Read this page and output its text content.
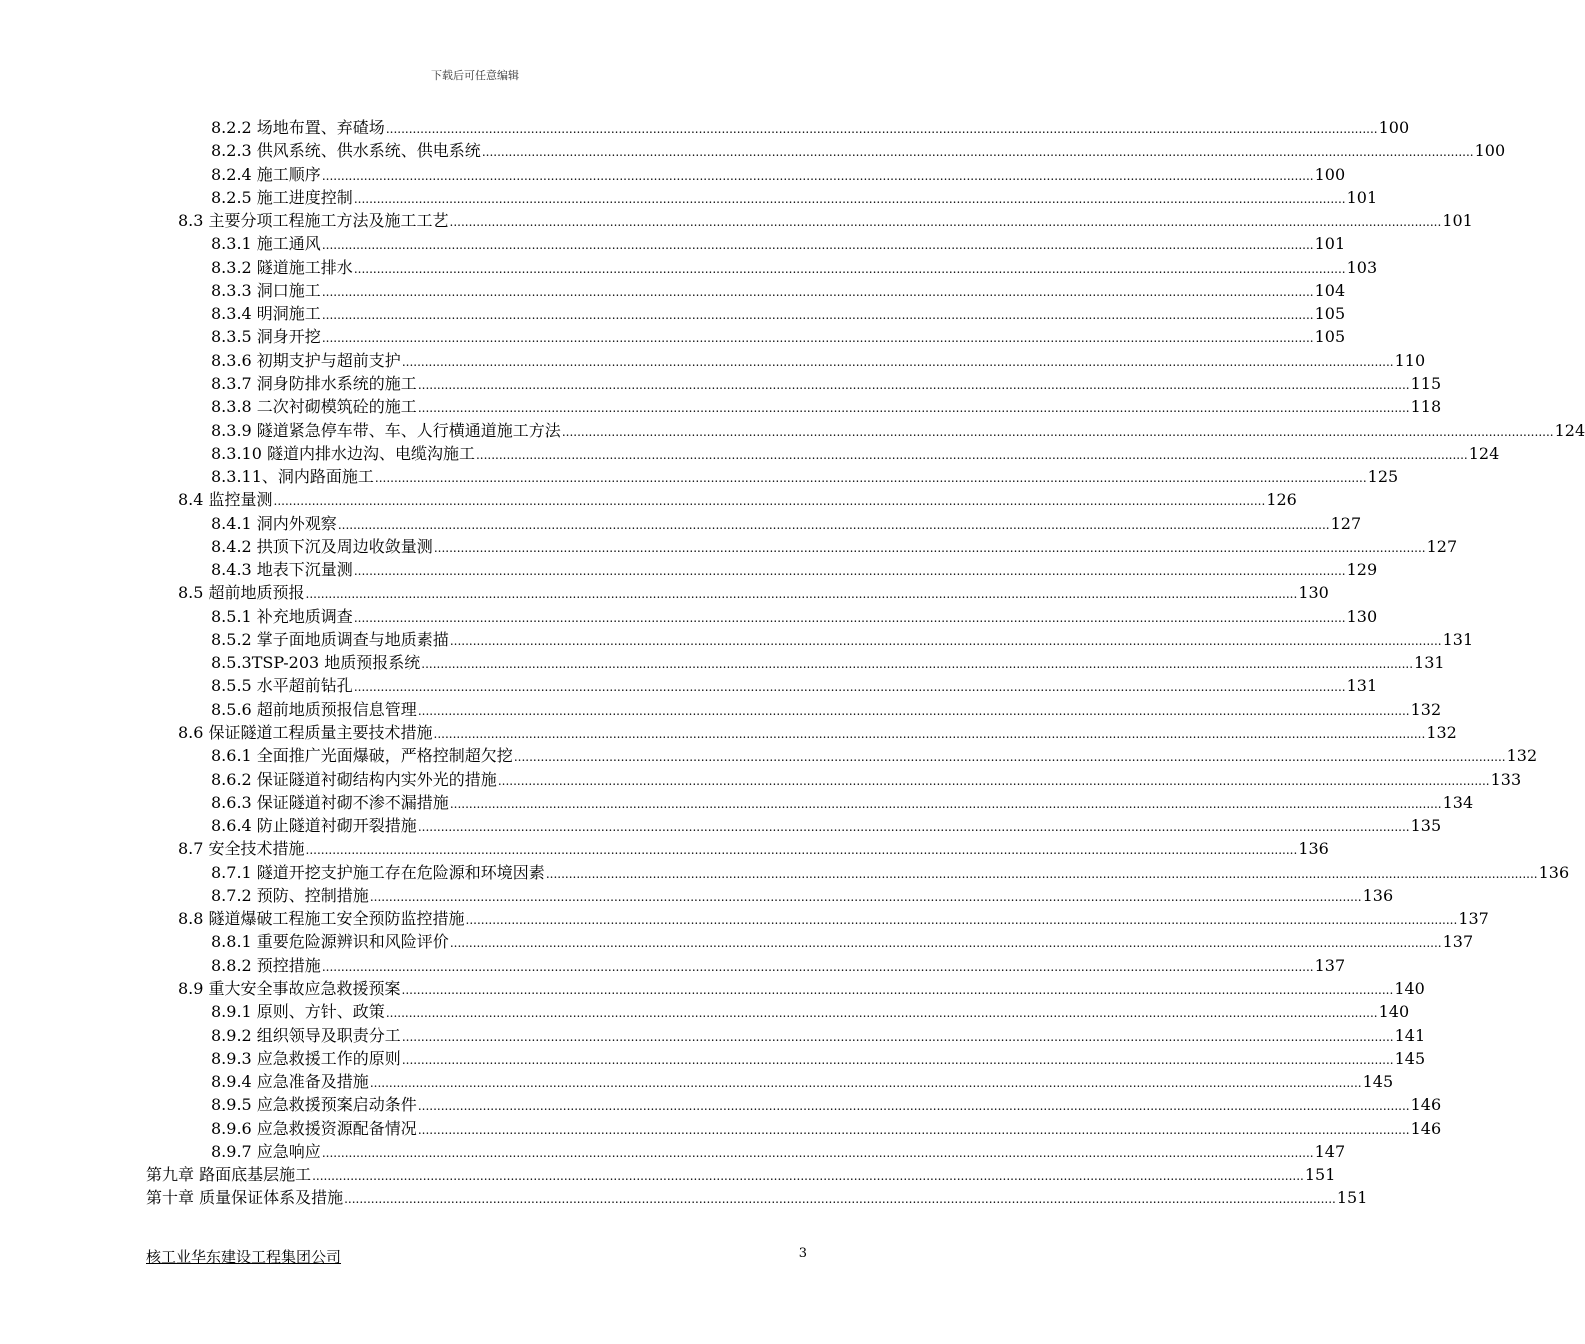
下载后可任意编辑
8.2.2 场地布置、弃碴场 .................................................................................................................................................................................................................................................................... 100
8.2.3 供风系统、供水系统、供电系统 .................................................................................................................................................................................................................................................................... 100
8.2.4 施工顺序 .................................................................................................................................................................................................................................................................... 100
8.2.5 施工进度控制 .................................................................................................................................................................................................................................................................... 101
8.3 主要分项工程施工方法及施工工艺 .................................................................................................................................................................................................................................................................... 101
8.3.1 施工通风 .................................................................................................................................................................................................................................................................... 101
8.3.2 隧道施工排水 .................................................................................................................................................................................................................................................................... 103
8.3.3 洞口施工 .................................................................................................................................................................................................................................................................... 104
8.3.4 明洞施工 .................................................................................................................................................................................................................................................................... 105
8.3.5 洞身开挖 .................................................................................................................................................................................................................................................................... 105
8.3.6 初期支护与超前支护 .................................................................................................................................................................................................................................................................... 110
8.3.7 洞身防排水系统的施工 .................................................................................................................................................................................................................................................................... 115
8.3.8 二次衬砌模筑砼的施工 .................................................................................................................................................................................................................................................................... 118
8.3.9 隧道紧急停车带、车、人行横通道施工方法 .................................................................................................................................................................................................................................................................... 124
8.3.10 隧道内排水边沟、电缆沟施工 .................................................................................................................................................................................................................................................................... 124
8.3.11、洞内路面施工 .................................................................................................................................................................................................................................................................... 125
8.4 监控量测 .................................................................................................................................................................................................................................................................... 126
8.4.1 洞内外观察 .................................................................................................................................................................................................................................................................... 127
8.4.2 拱顶下沉及周边收敛量测 .................................................................................................................................................................................................................................................................... 127
8.4.3 地表下沉量测 .................................................................................................................................................................................................................................................................... 129
8.5 超前地质预报 .................................................................................................................................................................................................................................................................... 130
8.5.1 补充地质调查 .................................................................................................................................................................................................................................................................... 130
8.5.2 掌子面地质调查与地质素描 .................................................................................................................................................................................................................................................................... 131
8.5.3TSP-203 地质预报系统 .................................................................................................................................................................................................................................................................... 131
8.5.5 水平超前钻孔 .................................................................................................................................................................................................................................................................... 131
8.5.6 超前地质预报信息管理 .................................................................................................................................................................................................................................................................... 132
8.6 保证隧道工程质量主要技术措施 .................................................................................................................................................................................................................................................................... 132
8.6.1 全面推广光面爆破，严格控制超欠挖 .................................................................................................................................................................................................................................................................... 132
8.6.2 保证隧道衬砌结构内实外光的措施 .................................................................................................................................................................................................................................................................... 133
8.6.3 保证隧道衬砌不渗不漏措施 .................................................................................................................................................................................................................................................................... 134
8.6.4 防止隧道衬砌开裂措施 .................................................................................................................................................................................................................................................................... 135
8.7 安全技术措施 .................................................................................................................................................................................................................................................................... 136
8.7.1 隧道开挖支护施工存在危险源和环境因素 .................................................................................................................................................................................................................................................................... 136
8.7.2 预防、控制措施 .................................................................................................................................................................................................................................................................... 136
8.8 隧道爆破工程施工安全预防监控措施 .................................................................................................................................................................................................................................................................... 137
8.8.1 重要危险源辨识和风险评价 .................................................................................................................................................................................................................................................................... 137
8.8.2 预控措施 .................................................................................................................................................................................................................................................................... 137
8.9 重大安全事故应急救援预案 .................................................................................................................................................................................................................................................................... 140
8.9.1 原则、方针、政策 .................................................................................................................................................................................................................................................................... 140
8.9.2 组织领导及职责分工 .................................................................................................................................................................................................................................................................... 141
8.9.3 应急救援工作的原则 .................................................................................................................................................................................................................................................................... 145
8.9.4 应急准备及措施 .................................................................................................................................................................................................................................................................... 145
8.9.5 应急救援预案启动条件 .................................................................................................................................................................................................................................................................... 146
8.9.6 应急救援资源配备情况 .................................................................................................................................................................................................................................................................... 146
8.9.7 应急响应 .................................................................................................................................................................................................................................................................... 147
第九章 路面底基层施工 .................................................................................................................................................................................................................................................................... 151
第十章 质量保证体系及措施 .................................................................................................................................................................................................................................................................... 151
核工业华东建设工程集团公司	3
